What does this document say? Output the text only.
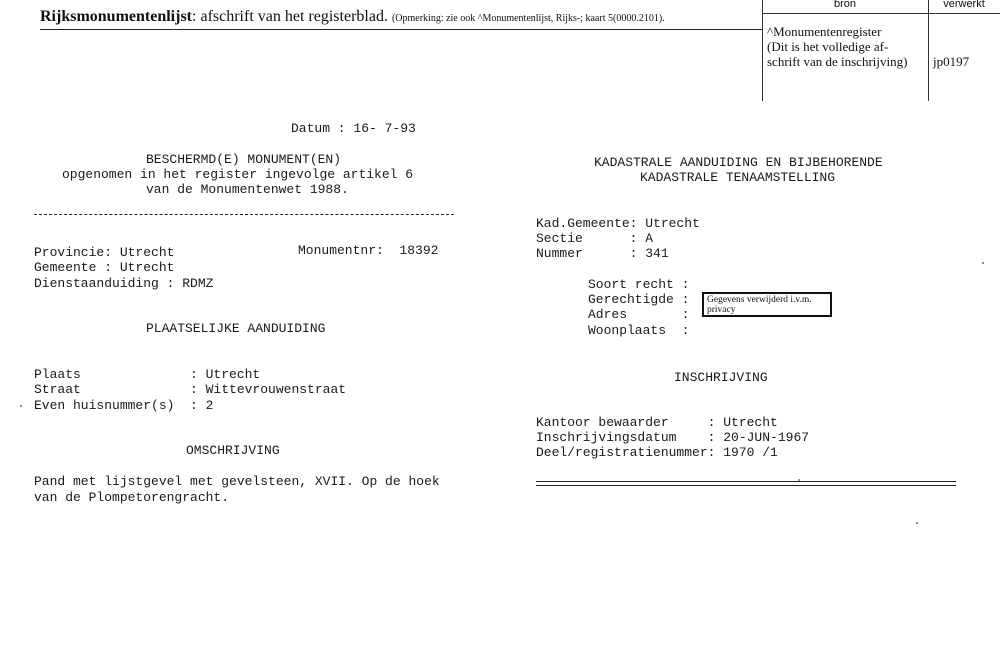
Rijksmonumentenlijst: afschrift van het registerblad. (Opmerking: zie ook ^Monumentenlijst, Rijks-; kaart 5(0000.2101).
bron	verwerkt
^Monumentenregister
(Dit is het volledige af-
schrift van de inschrijving) jp0197
Datum : 16- 7-93
BESCHERMD(E) MONUMENT(EN)
opgenomen in het register ingevolge artikel 6
van de Monumentenwet 1988.
Provincie: Utrecht	Monumentnr:  18392
Gemeente : Utrecht
Dienstaanduiding : RDMZ
PLAATSELIJKE AANDUIDING
Plaats              : Utrecht
Straat              : Wittevrouwenstraat
Even huisnummer(s)  : 2
OMSCHRIJVING
Pand met lijstgevel met gevelsteen, XVII. Op de hoek
van de Plompetorengracht.
KADASTRALE AANDUIDING EN BIJBEHORENDE
KADASTRALE TENAAMSTELLING
Kad.Gemeente: Utrecht
Sectie      : A
Nummer      : 341
Soort recht :
Gerechtigde :
Adres       :
Woonplaats  :
Gegevens verwijderd i.v.m. privacy
INSCHRIJVING
Kantoor bewaarder     : Utrecht
Inschrijvingsdatum    : 20-JUN-1967
Deel/registratienummer: 1970 /1
